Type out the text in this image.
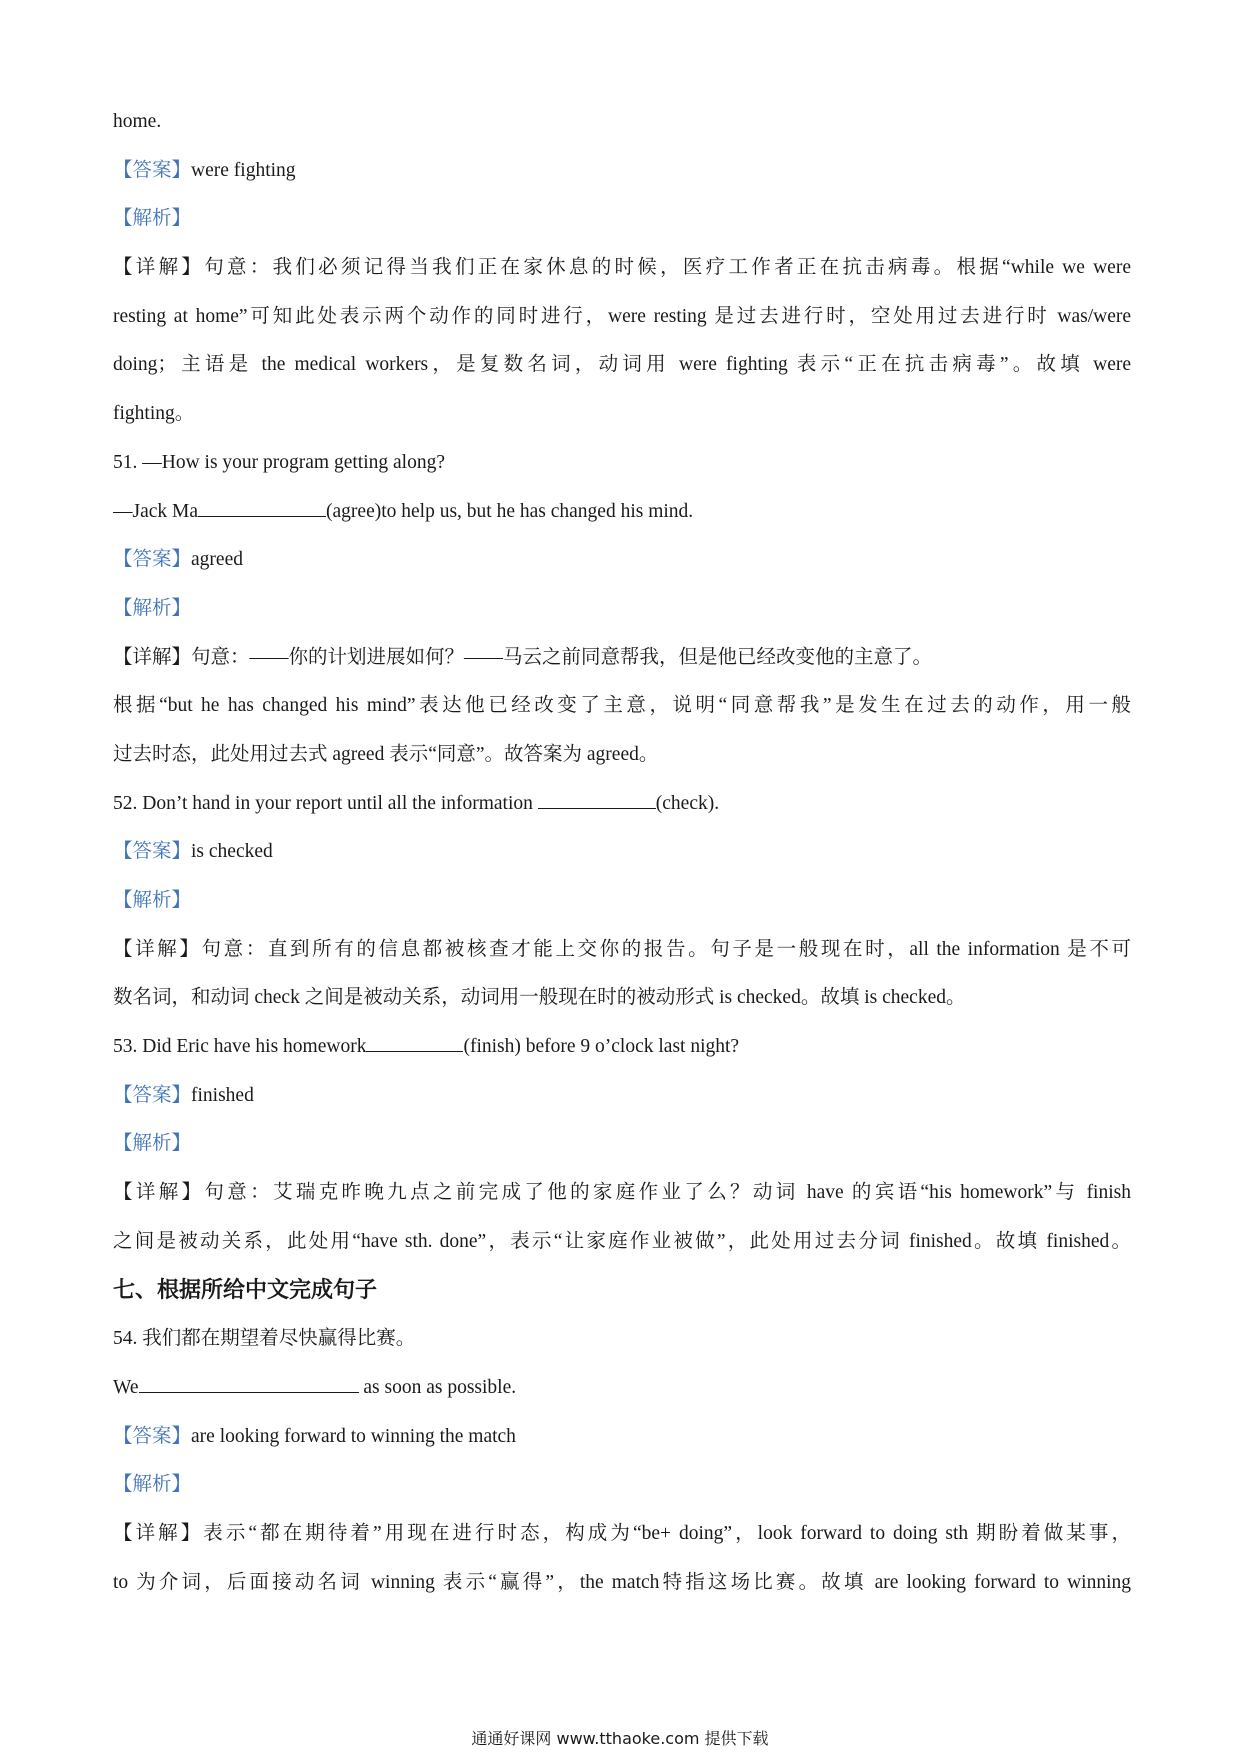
home.
【答案】were fighting
【解析】
【详解】句意：我们必须记得当我们正在家休息的时候，医疗工作者正在抗击病毒。根据“while we were
resting at home”可知此处表示两个动作的同时进行，were resting 是过去进行时，空处用过去进行时 was/were
doing；主语是 the medical workers，是复数名词，动词用 were fighting 表示“正在抗击病毒”。故填 were
fighting。
51. —How is your program getting along?
—Jack Ma	(agree)to help us, but he has changed his mind.
【答案】agreed
【解析】
【详解】句意：——你的计划进展如何？——马云之前同意帮我，但是他已经改变他的主意了。
根据“but he has changed his mind”表达他已经改变了主意，说明“同意帮我”是发生在过去的动作，用一般
过去时态，此处用过去式 agreed 表示“同意”。故答案为 agreed。
52. Don’t hand in your report until all the information	(check).
【答案】is checked
【解析】
【详解】句意：直到所有的信息都被核查才能上交你的报告。句子是一般现在时，all the information 是不可
数名词，和动词 check 之间是被动关系，动词用一般现在时的被动形式 is checked。故填 is checked。
53. Did Eric have his homework	(finish) before 9 o’clock last night?
【答案】finished
【解析】
【详解】句意：艾瑞克昨晚九点之前完成了他的家庭作业了么？动词 have 的宾语“his homework”与 finish
之间是被动关系，此处用“have sth. done”，表示“让家庭作业被做”，此处用过去分词 finished。故填 finished。
七、根据所给中文完成句子
54. 我们都在期望着尽快赢得比赛。
We	as soon as possible.
【答案】are looking forward to winning the match
【解析】
【详解】表示“都在期待着”用现在进行时态，构成为“be+ doing”，look forward to doing sth 期盼着做某事，
to 为介词，后面接动名词 winning 表示“赢得”，the match特指这场比赛。故填 are looking forward to winning
通通好课网 www.tthaoke.com 提供下载
